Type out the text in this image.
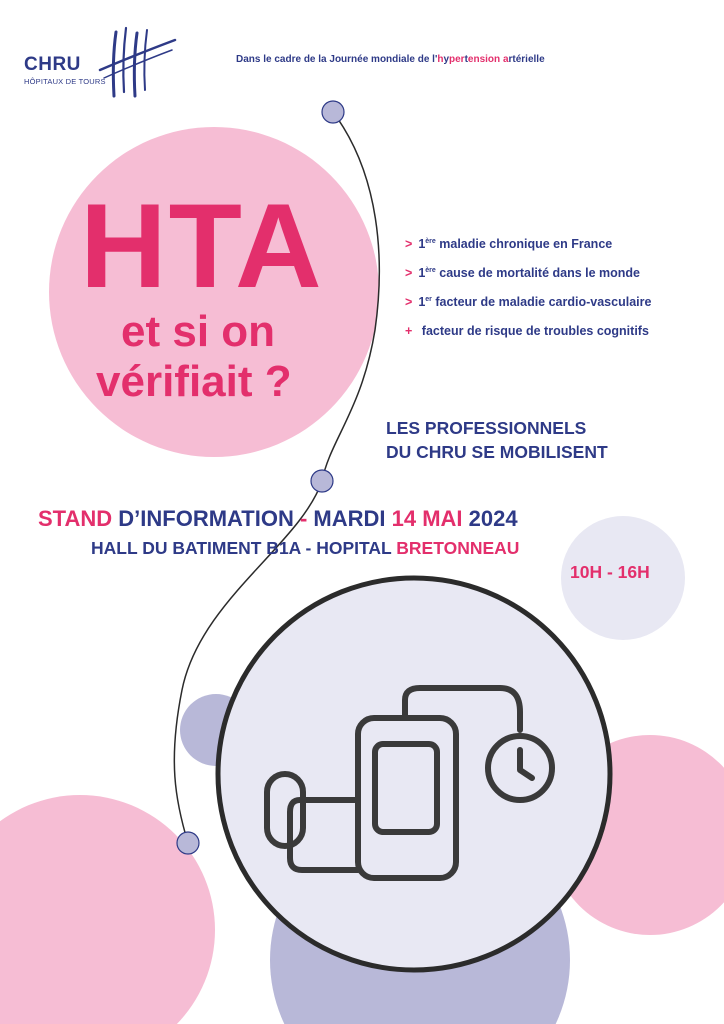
CHRU
HÔPITAUX DE TOURS
Dans le cadre de la Journée mondiale de l'hypertension artérielle
HTA
et si on
vérifiait ?
> 1ère maladie chronique en France
> 1ère cause de mortalité dans le monde
> 1er facteur de maladie cardio-vasculaire
+ facteur de risque de troubles cognitifs
LES PROFESSIONNELS
DU CHRU SE MOBILISENT
STAND D’INFORMATION - MARDI 14 MAI 2024
HALL DU BATIMENT B1A - HOPITAL BRETONNEAU
10H - 16H
